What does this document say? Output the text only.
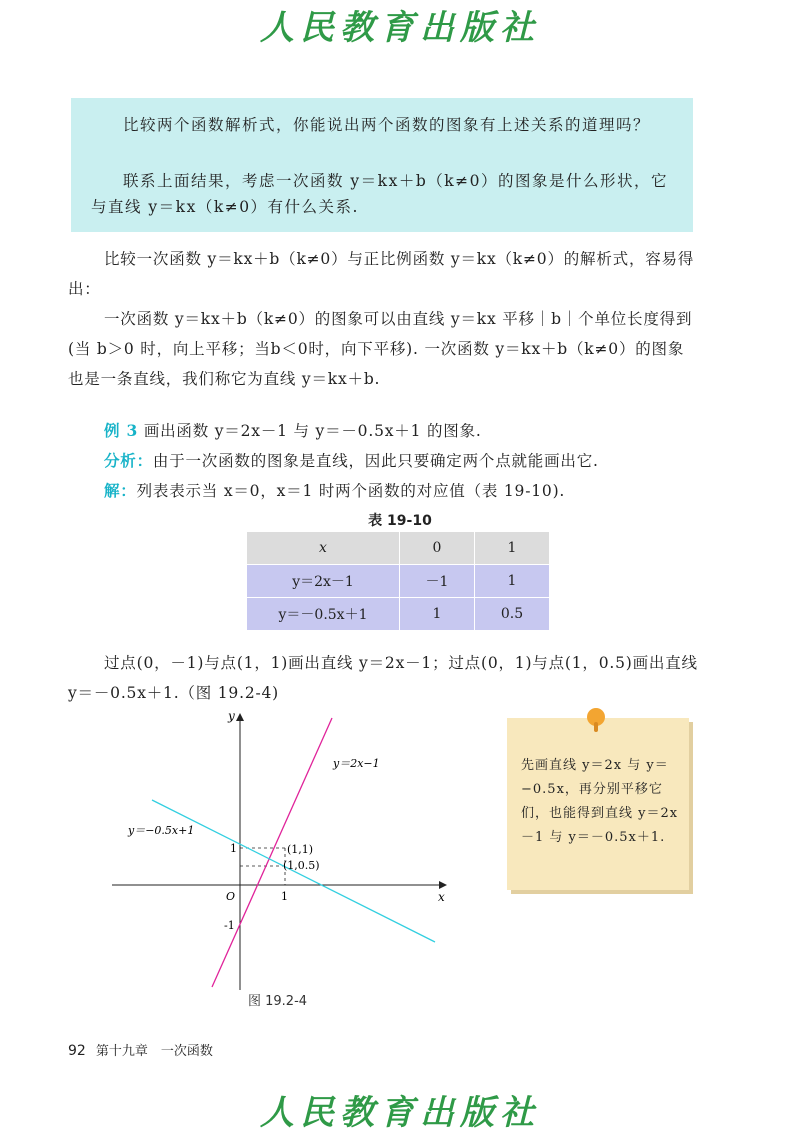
人民教育出版社

比较两个函数解析式，你能说出两个函数的图象有上述关系的道理吗？

联系上面结果，考虑一次函数 y＝kx＋b（k≠0）的图象是什么形状，它与直线 y＝kx（k≠0）有什么关系.

比较一次函数 y＝kx＋b（k≠0）与正比例函数 y＝kx（k≠0）的解析式，容易得出：

一次函数 y＝kx＋b（k≠0）的图象可以由直线 y＝kx 平移｜b｜个单位长度得到(当 b＞0 时，向上平移；当b＜0时，向下平移). 一次函数 y＝kx＋b（k≠0）的图象也是一条直线，我们称它为直线 y＝kx＋b.

例 3 画出函数 y＝2x－1 与 y＝－0.5x＋1 的图象.

分析：由于一次函数的图象是直线，因此只要确定两个点就能画出它.

解：列表表示当 x＝0，x＝1 时两个函数的对应值（表 19-10).

表 19-10
x	0	1
y＝2x－1	－1	1
y＝－0.5x＋1	1	0.5

过点(0，－1)与点(1，1)画出直线 y＝2x－1；过点(0，1)与点(1，0.5)画出直线 y＝－0.5x＋1.（图 19.2-4)

y＝2x−1
y＝−0.5x+1
(1,1)
(1,0.5)
O	1
1
-1
x
y
图 19.2-4

先画直线 y＝2x 与 y＝−0.5x，再分别平移它们，也能得到直线 y＝2x－1 与 y＝－0.5x＋1.

92 第十九章　一次函数
人民教育出版社
